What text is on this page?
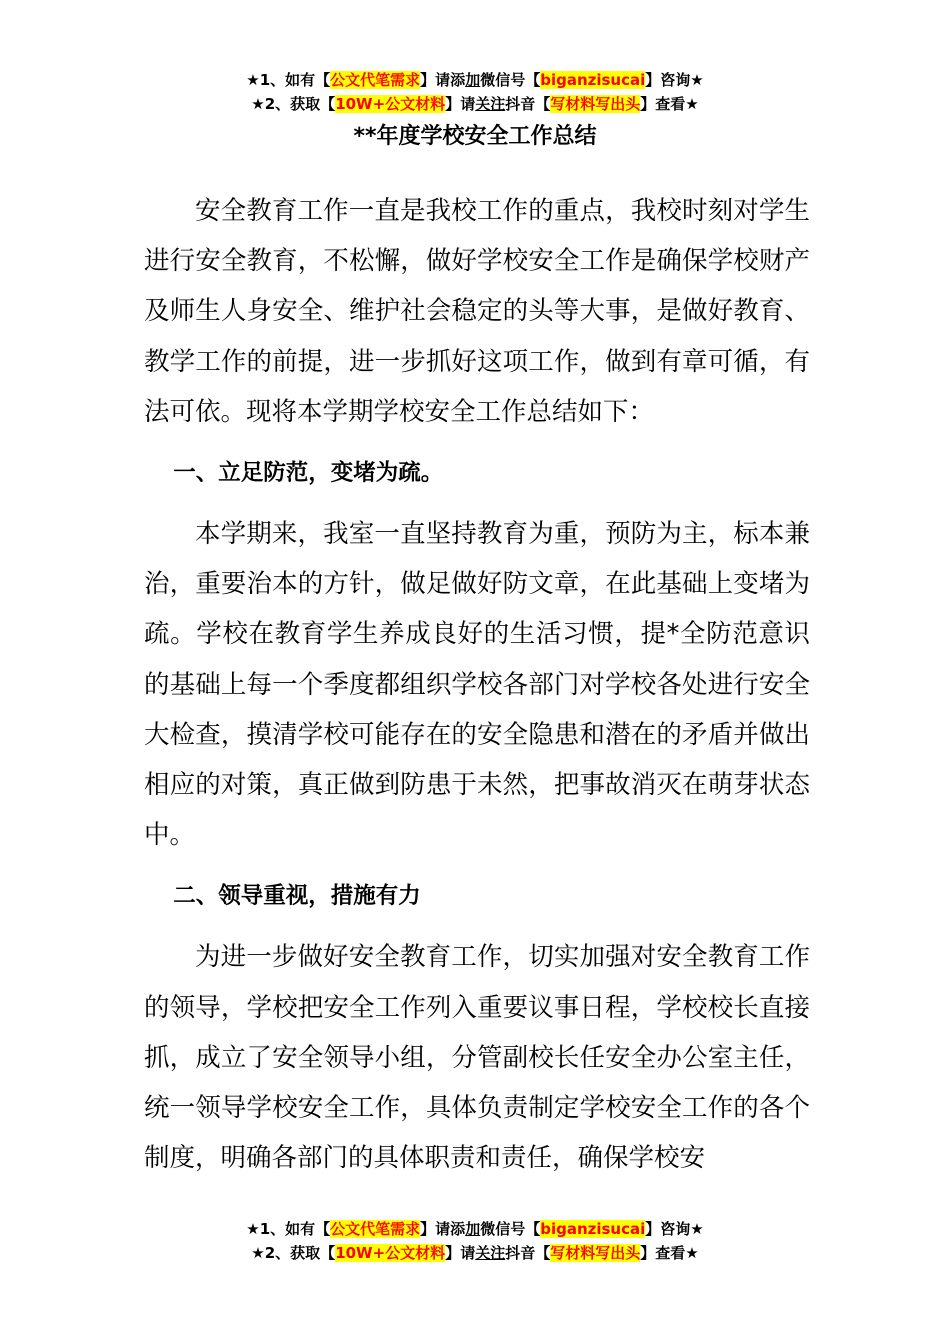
★1、如有【公文代笔需求】请添加微信号【biganzisucai】咨询★
★2、获取【10W+公文材料】请关注抖音【写材料写出头】查看★
**年度学校安全工作总结

安全教育工作一直是我校工作的重点，我校时刻对学生进行安全教育，不松懈，做好学校安全工作是确保学校财产及师生人身安全、维护社会稳定的头等大事，是做好教育、教学工作的前提，进一步抓好这项工作，做到有章可循，有法可依。现将本学期学校安全工作总结如下：

一、立足防范，变堵为疏。

本学期来，我室一直坚持教育为重，预防为主，标本兼治，重要治本的方针，做足做好防文章，在此基础上变堵为疏。学校在教育学生养成良好的生活习惯，提*全防范意识的基础上每一个季度都组织学校各部门对学校各处进行安全大检查，摸清学校可能存在的安全隐患和潜在的矛盾并做出相应的对策，真正做到防患于未然，把事故消灭在萌芽状态中。

二、领导重视，措施有力

为进一步做好安全教育工作，切实加强对安全教育工作的领导，学校把安全工作列入重要议事日程，学校校长直接抓，成立了安全领导小组，分管副校长任安全办公室主任，统一领导学校安全工作，具体负责制定学校安全工作的各个制度，明确各部门的具体职责和责任，确保学校安

★1、如有【公文代笔需求】请添加微信号【biganzisucai】咨询★
★2、获取【10W+公文材料】请关注抖音【写材料写出头】查看★
